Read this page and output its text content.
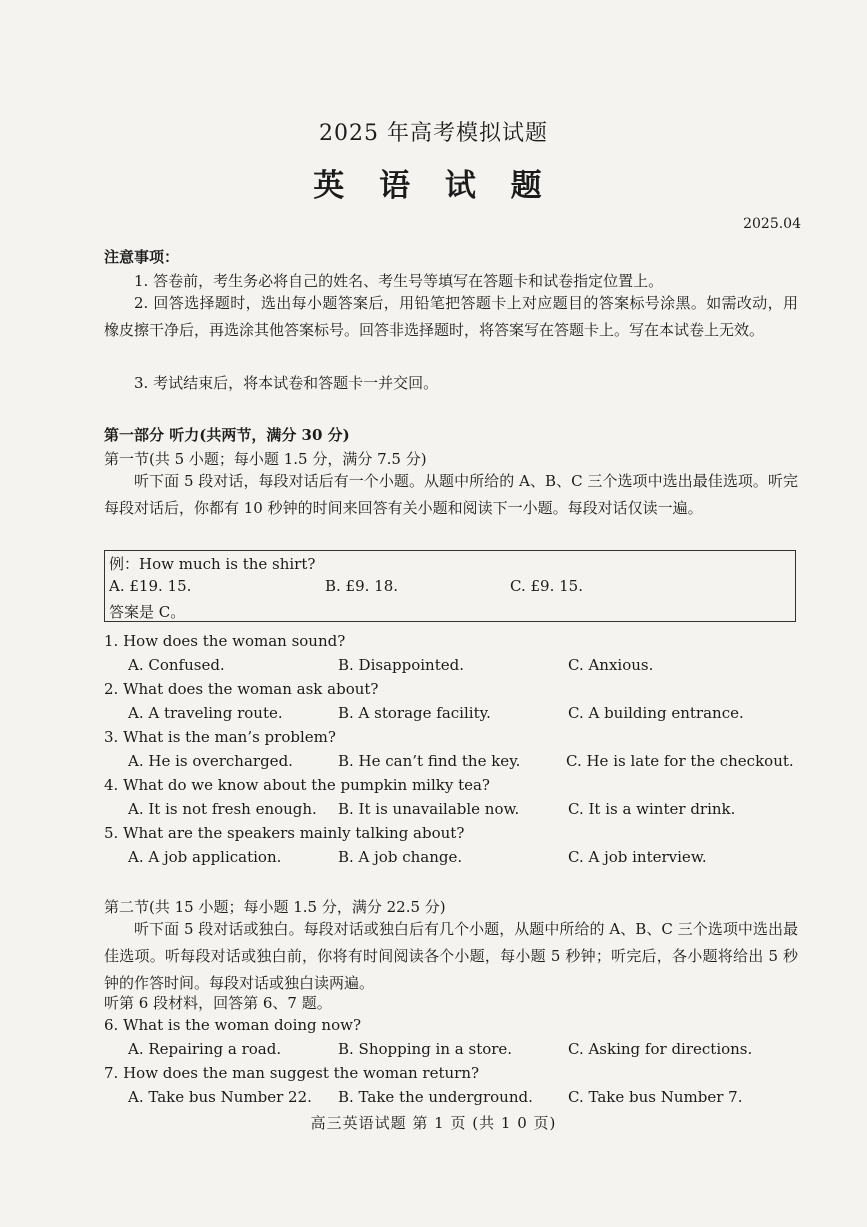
2025 年高考模拟试题
英 语 试 题
2025.04
注意事项：
1. 答卷前，考生务必将自己的姓名、考生号等填写在答题卡和试卷指定位置上。
2. 回答选择题时，选出每小题答案后，用铅笔把答题卡上对应题目的答案标号涂黑。如需改动，用橡皮擦干净后，再选涂其他答案标号。回答非选择题时，将答案写在答题卡上。写在本试卷上无效。
3. 考试结束后，将本试卷和答题卡一并交回。
第一部分 听力(共两节，满分 30 分)
第一节(共 5 小题；每小题 1.5 分，满分 7.5 分)
听下面 5 段对话，每段对话后有一个小题。从题中所给的 A、B、C 三个选项中选出最佳选项。听完每段对话后，你都有 10 秒钟的时间来回答有关小题和阅读下一小题。每段对话仅读一遍。
例：How much is the shirt?
A. £19. 15.	B. £9. 18.	C. £9. 15.
答案是 C。
1. How does the woman sound?
A. Confused.	B. Disappointed.	C. Anxious.
2. What does the woman ask about?
A. A traveling route.	B. A storage facility.	C. A building entrance.
3. What is the man’s problem?
A. He is overcharged.	B. He can’t find the key.	C. He is late for the checkout.
4. What do we know about the pumpkin milky tea?
A. It is not fresh enough. B. It is unavailable now.	C. It is a winter drink.
5. What are the speakers mainly talking about?
A. A job application.	B. A job change.	C. A job interview.
第二节(共 15 小题；每小题 1.5 分，满分 22.5 分)
听下面 5 段对话或独白。每段对话或独白后有几个小题，从题中所给的 A、B、C 三个选项中选出最佳选项。听每段对话或独白前，你将有时间阅读各个小题，每小题 5 秒钟；听完后，各小题将给出 5 秒钟的作答时间。每段对话或独白读两遍。
听第 6 段材料，回答第 6、7 题。
6. What is the woman doing now?
A. Repairing a road.	B. Shopping in a store.	C. Asking for directions.
7. How does the man suggest the woman return?
A. Take bus Number 22. B. Take the underground. C. Take bus Number 7.
高三英语试题 第 1 页 (共 1 0 页)
